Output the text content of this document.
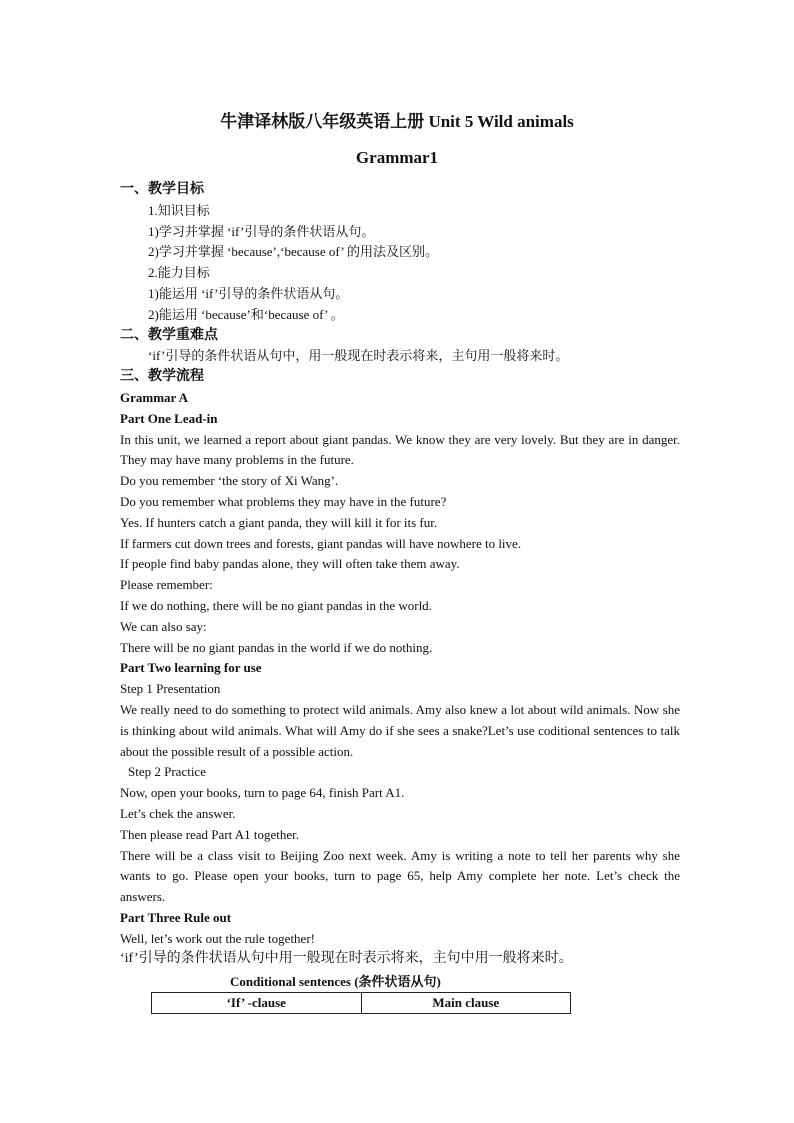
牛津译林版八年级英语上册 Unit 5 Wild animals
Grammar1
一、教学目标
1.知识目标
1)学习并掌握 ‘if’引导的条件状语从句。
2)学习并掌握 ‘because’,‘because of’ 的用法及区别。
2.能力目标
1)能运用 ‘if’引导的条件状语从句。
2)能运用 ‘because’和‘because of’ 。
二、教学重难点
‘if’引导的条件状语从句中，用一般现在时表示将来，主句用一般将来时。
三、教学流程
Grammar A
Part One Lead-in
In this unit, we learned a report about giant pandas. We know they are very lovely. But they are in danger. They may have many problems in the future.
Do you remember ‘the story of Xi Wang’.
Do you remember what problems they may have in the future?
Yes. If hunters catch a giant panda, they will kill it for its fur.
If farmers cut down trees and forests, giant pandas will have nowhere to live.
If people find baby pandas alone, they will often take them away.
Please remember:
If we do nothing, there will be no giant pandas in the world.
We can also say:
There will be no giant pandas in the world if we do nothing.
Part Two learning for use
Step 1 Presentation
We really need to do something to protect wild animals. Amy also knew a lot about wild animals. Now she is thinking about wild animals. What will Amy do if she sees a snake?Let’s use coditional sentences to talk about the possible result of a possible action.
Step 2 Practice
Now, open your books, turn to page 64, finish Part A1.
Let’s chek the answer.
Then please read Part A1 together.
There will be a class visit to Beijing Zoo next week. Amy is writing a note to tell her parents why she wants to go. Please open your books, turn to page 65, help Amy complete her note. Let’s check the answers.
Part Three Rule out
Well, let’s work out the rule together!
‘if’引导的条件状语从句中用一般现在时表示将来，主句中用一般将来时。
Conditional sentences (条件状语从句)
‘If’ -clause	Main clause
